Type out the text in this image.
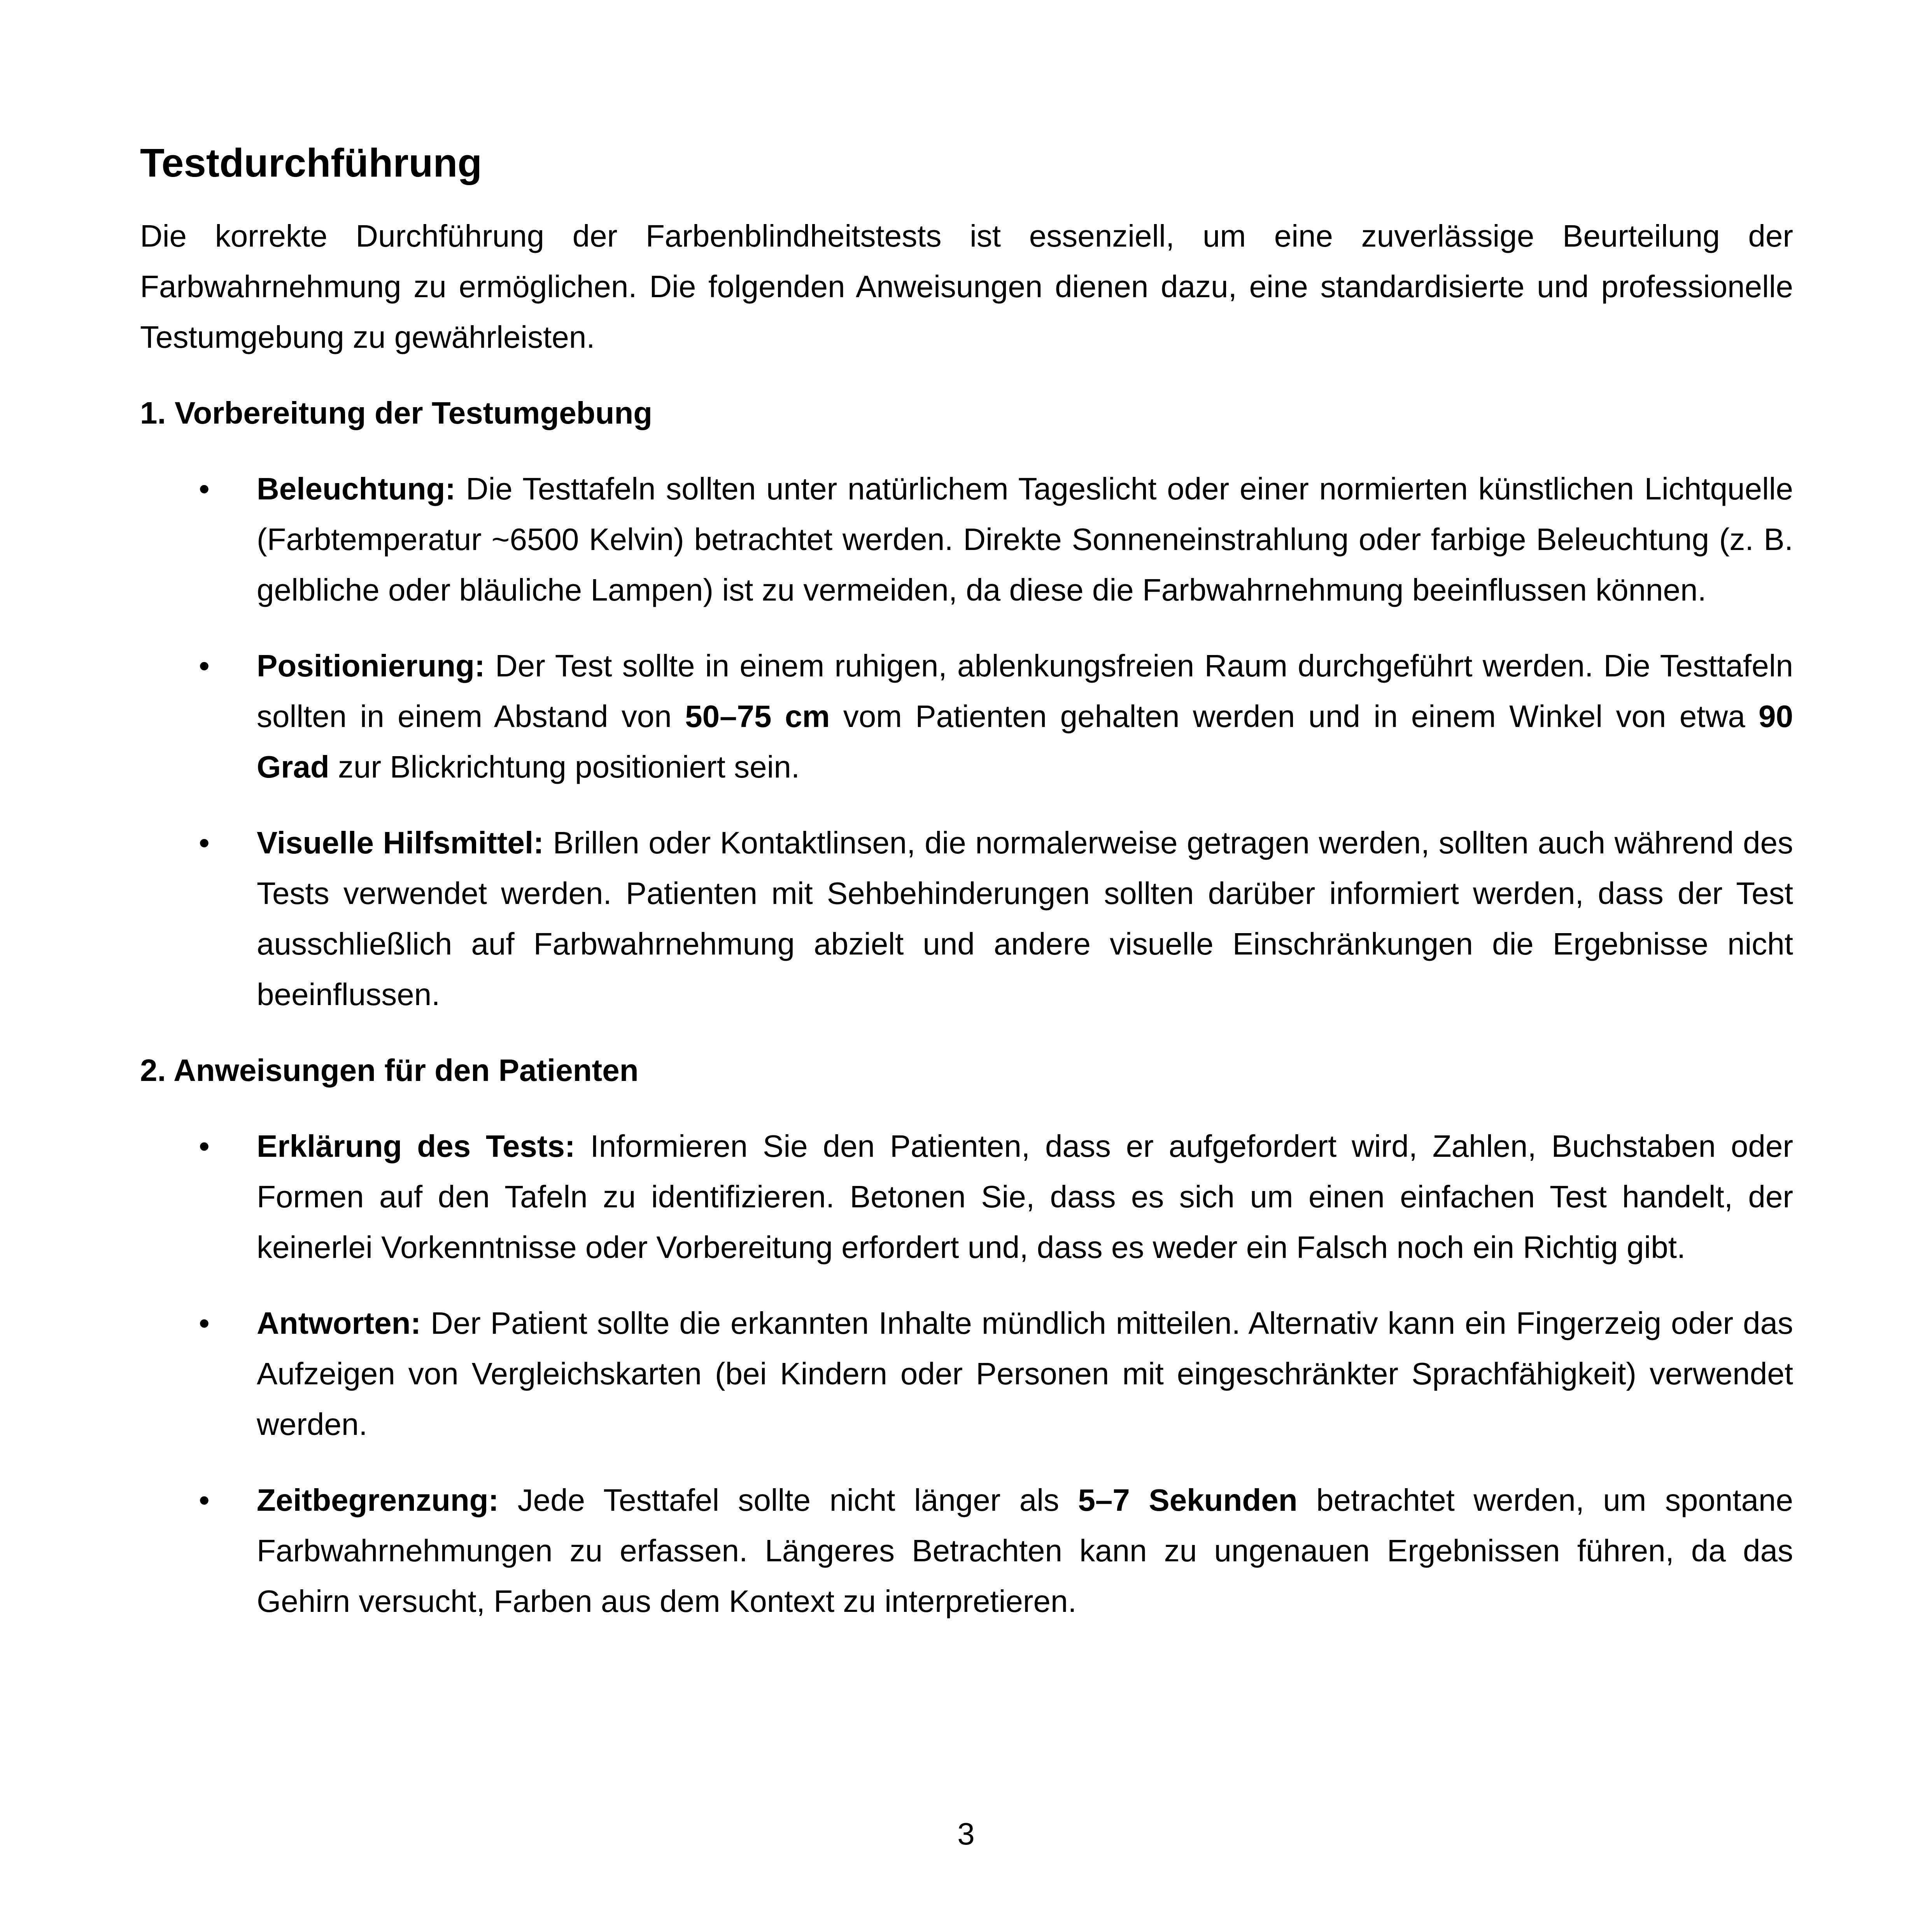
Testdurchführung

Die korrekte Durchführung der Farbenblindheitstests ist essenziell, um eine zuverlässige Beurteilung der Farbwahrnehmung zu ermöglichen. Die folgenden Anweisungen dienen dazu, eine standardisierte und professionelle Testumgebung zu gewährleisten.

1. Vorbereitung der Testumgebung
• Beleuchtung: Die Testtafeln sollten unter natürlichem Tageslicht oder einer normierten künstlichen Lichtquelle (Farbtemperatur ~6500 Kelvin) betrachtet werden. Direkte Sonneneinstrahlung oder farbige Beleuchtung (z. B. gelbliche oder bläuliche Lampen) ist zu vermeiden, da diese die Farbwahrnehmung beeinflussen können.
• Positionierung: Der Test sollte in einem ruhigen, ablenkungsfreien Raum durchgeführt werden. Die Testtafeln sollten in einem Abstand von 50–75 cm vom Patienten gehalten werden und in einem Winkel von etwa 90 Grad zur Blickrichtung positioniert sein.
• Visuelle Hilfsmittel: Brillen oder Kontaktlinsen, die normalerweise getragen werden, sollten auch während des Tests verwendet werden. Patienten mit Sehbehinderungen sollten darüber informiert werden, dass der Test ausschließlich auf Farbwahrnehmung abzielt und andere visuelle Einschränkungen die Ergebnisse nicht beeinflussen.
2. Anweisungen für den Patienten
• Erklärung des Tests: Informieren Sie den Patienten, dass er aufgefordert wird, Zahlen, Buchstaben oder Formen auf den Tafeln zu identifizieren. Betonen Sie, dass es sich um einen einfachen Test handelt, der keinerlei Vorkenntnisse oder Vorbereitung erfordert und, dass es weder ein Falsch noch ein Richtig gibt.
• Antworten: Der Patient sollte die erkannten Inhalte mündlich mitteilen. Alternativ kann ein Fingerzeig oder das Aufzeigen von Vergleichskarten (bei Kindern oder Personen mit eingeschränkter Sprachfähigkeit) verwendet werden.
• Zeitbegrenzung: Jede Testtafel sollte nicht länger als 5–7 Sekunden betrachtet werden, um spontane Farbwahrnehmungen zu erfassen. Längeres Betrachten kann zu ungenauen Ergebnissen führen, da das Gehirn versucht, Farben aus dem Kontext zu interpretieren.
3
